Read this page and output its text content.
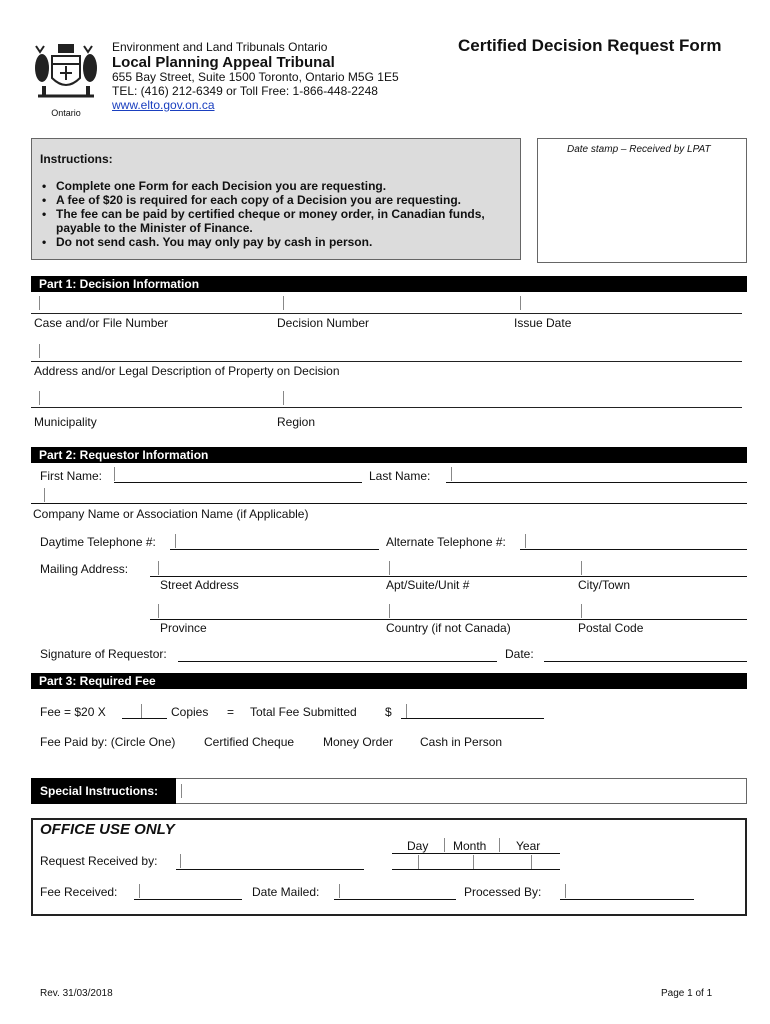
Ontario
Environment and Land Tribunals Ontario
Local Planning Appeal Tribunal
655 Bay Street, Suite 1500 Toronto, Ontario M5G 1E5
TEL: (416) 212-6349 or Toll Free: 1-866-448-2248
www.elto.gov.on.ca
Certified Decision Request Form
Instructions:
• Complete one Form for each Decision you are requesting.
• A fee of $20 is required for each copy of a Decision you are requesting.
• The fee can be paid by certified cheque or money order, in Canadian funds, payable to the Minister of Finance.
• Do not send cash. You may only pay by cash in person.
Date stamp – Received by LPAT
Part 1: Decision Information
Case and/or File Number	Decision Number	Issue Date
Address and/or Legal Description of Property on Decision
Municipality	Region
Part 2: Requestor Information
First Name:	Last Name:
Company Name or Association Name (if Applicable)
Daytime Telephone #:	Alternate Telephone #:
Mailing Address:
Street Address	Apt/Suite/Unit #	City/Town
Province	Country (if not Canada)	Postal Code
Signature of Requestor:	Date:
Part 3: Required Fee
Fee = $20 X	Copies = Total Fee Submitted $
Fee Paid by: (Circle One) Certified Cheque Money Order Cash in Person
Special Instructions:
OFFICE USE ONLY
Day Month Year
Request Received by:
Fee Received:	Date Mailed:	Processed By:
Rev. 31/03/2018	Page 1 of 1
